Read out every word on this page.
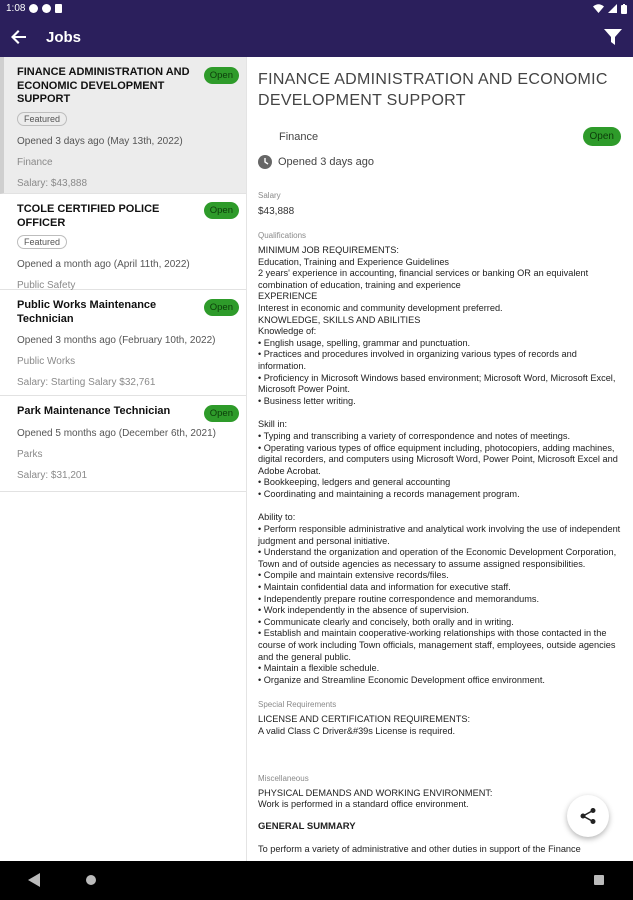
1:08
Jobs
FINANCE ADMINISTRATION AND ECONOMIC DEVELOPMENT SUPPORT
Open
Featured
Opened 3 days ago (May 13th, 2022)
Finance
Salary: $43,888
TCOLE CERTIFIED POLICE OFFICER
Open
Featured
Opened a month ago (April 11th, 2022)
Public Safety
Public Works Maintenance Technician
Open
Opened 3 months ago (February 10th, 2022)
Public Works
Salary: Starting Salary $32,761
Park Maintenance Technician	Open
Opened 5 months ago (December 6th, 2021)
Parks
Salary: $31,201
FINANCE ADMINISTRATION AND ECONOMIC DEVELOPMENT SUPPORT
Finance	Open
Opened 3 days ago
Salary
$43,888
Qualifications
MINIMUM JOB REQUIREMENTS:
Education, Training and Experience Guidelines
2 years' experience in accounting, financial services or banking OR an equivalent combination of education, training and experience
EXPERIENCE
Interest in economic and community development preferred.
KNOWLEDGE, SKILLS AND ABILITIES
Knowledge of:
• English usage, spelling, grammar and punctuation.
• Practices and procedures involved in organizing various types of records and information.
• Proficiency in Microsoft Windows based environment; Microsoft Word, Microsoft Excel, Microsoft Power Point.
• Business letter writing.
Skill in:
• Typing and transcribing a variety of correspondence and notes of meetings.
• Operating various types of office equipment including, photocopiers, adding machines, digital recorders, and computers using Microsoft Word, Power Point, Microsoft Excel and Adobe Acrobat.
• Bookkeeping, ledgers and general accounting
• Coordinating and maintaining a records management program.
Ability to:
• Perform responsible administrative and analytical work involving the use of independent judgment and personal initiative.
• Understand the organization and operation of the Economic Development Corporation, Town and of outside agencies as necessary to assume assigned responsibilities.
• Compile and maintain extensive records/files.
• Maintain confidential data and information for executive staff.
• Independently prepare routine correspondence and memorandums.
• Work independently in the absence of supervision.
• Communicate clearly and concisely, both orally and in writing.
• Establish and maintain cooperative-working relationships with those contacted in the course of work including Town officials, management staff, employees, outside agencies and the general public.
• Maintain a flexible schedule.
• Organize and Streamline Economic Development office environment.
Special Requirements
LICENSE AND CERTIFICATION REQUIREMENTS:
A valid Class C Driver&#39s License is required.
Miscellaneous
PHYSICAL DEMANDS AND WORKING ENVIRONMENT:
Work is performed in a standard office environment.
GENERAL SUMMARY
To perform a variety of administrative and other duties in support of the Finance
